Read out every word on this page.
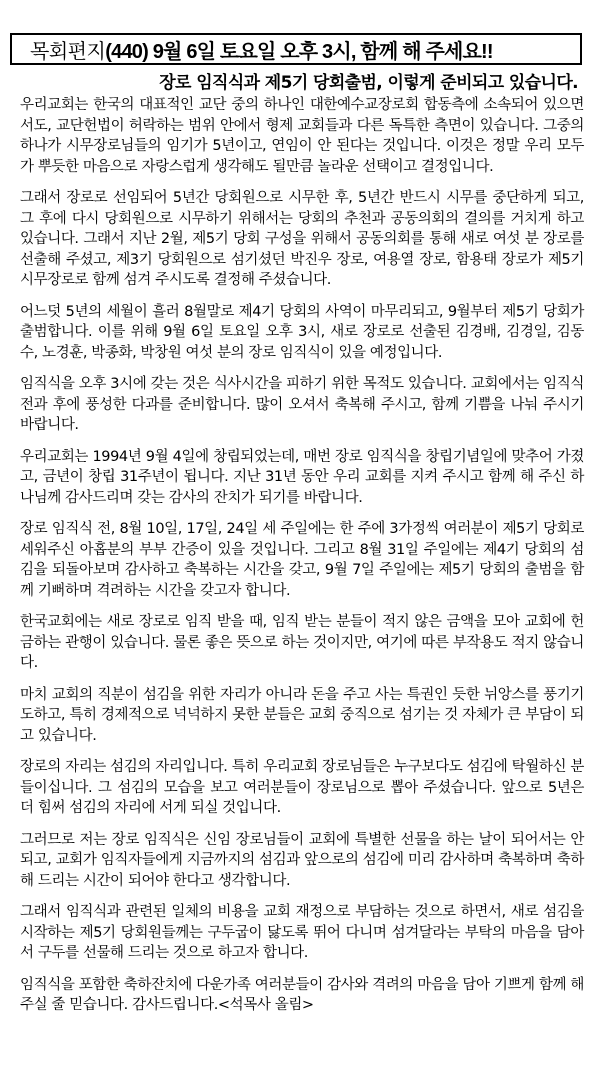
목회편지 (440) 9월 6일 토요일 오후 3시, 함께 해 주세요!!
장로 임직식과 제5기 당회출범, 이렇게 준비되고 있습니다.

우리교회는 한국의 대표적인 교단 중의 하나인 대한예수교장로회 합동측에 소속되어 있으면서도, 교단헌법이 허락하는 범위 안에서 형제 교회들과 다른 독특한 측면이 있습니다. 그중의 하나가 시무장로님들의 임기가 5년이고, 연임이 안 된다는 것입니다. 이것은 정말 우리 모두가 뿌듯한 마음으로 자랑스럽게 생각해도 될만큼 놀라운 선택이고 결정입니다.

그래서 장로로 선임되어 5년간 당회원으로 시무한 후, 5년간 반드시 시무를 중단하게 되고, 그 후에 다시 당회원으로 시무하기 위해서는 당회의 추천과 공동의회의 결의를 거치게 하고 있습니다. 그래서 지난 2월, 제5기 당회 구성을 위해서 공동의회를 통해 새로 여섯 분 장로를 선출해 주셨고, 제3기 당회원으로 섬기셨던 박진우 장로, 여용열 장로, 함용태 장로가 제5기 시무장로로 함께 섬겨 주시도록 결정해 주셨습니다.

어느덧 5년의 세월이 흘러 8월말로 제4기 당회의 사역이 마무리되고, 9월부터 제5기 당회가 출범합니다. 이를 위해 9월 6일 토요일 오후 3시, 새로 장로로 선출된 김경배, 김경일, 김동수, 노경훈, 박종화, 박창원 여섯 분의 장로 임직식이 있을 예정입니다.

임직식을 오후 3시에 갖는 것은 식사시간을 피하기 위한 목적도 있습니다. 교회에서는 임직식 전과 후에 풍성한 다과를 준비합니다. 많이 오셔서 축복해 주시고, 함께 기쁨을 나눠 주시기 바랍니다.

우리교회는 1994년 9월 4일에 창립되었는데, 매번 장로 임직식을 창립기념일에 맞추어 가졌고, 금년이 창립 31주년이 됩니다. 지난 31년 동안 우리 교회를 지켜 주시고 함께 해 주신 하나님께 감사드리며 갖는 감사의 잔치가 되기를 바랍니다.

장로 임직식 전, 8월 10일, 17일, 24일 세 주일에는 한 주에 3가정씩 여러분이 제5기 당회로 세워주신 아홉분의 부부 간증이 있을 것입니다. 그리고 8월 31일 주일에는 제4기 당회의 섬김을 되돌아보며 감사하고 축복하는 시간을 갖고, 9월 7일 주일에는 제5기 당회의 출범을 함께 기뻐하며 격려하는 시간을 갖고자 합니다.

한국교회에는 새로 장로로 임직 받을 때, 임직 받는 분들이 적지 않은 금액을 모아 교회에 헌금하는 관행이 있습니다. 물론 좋은 뜻으로 하는 것이지만, 여기에 따른 부작용도 적지 않습니다.

마치 교회의 직분이 섬김을 위한 자리가 아니라 돈을 주고 사는 특권인 듯한 뉘앙스를 풍기기도하고, 특히 경제적으로 넉넉하지 못한 분들은 교회 중직으로 섬기는 것 자체가 큰 부담이 되고 있습니다.

장로의 자리는 섬김의 자리입니다. 특히 우리교회 장로님들은 누구보다도 섬김에 탁월하신 분들이십니다. 그 섬김의 모습을 보고 여러분들이 장로님으로 뽑아 주셨습니다. 앞으로 5년은 더 힘써 섬김의 자리에 서게 되실 것입니다.

그러므로 저는 장로 임직식은 신임 장로님들이 교회에 특별한 선물을 하는 날이 되어서는 안 되고, 교회가 임직자들에게 지금까지의 섬김과 앞으로의 섬김에 미리 감사하며 축복하며 축하해 드리는 시간이 되어야 한다고 생각합니다.

그래서 임직식과 관련된 일체의 비용을 교회 재정으로 부담하는 것으로 하면서, 새로 섬김을 시작하는 제5기 당회원들께는 구두굽이 닳도록 뛰어 다니며 섬겨달라는 부탁의 마음을 담아서 구두를 선물해 드리는 것으로 하고자 합니다.

임직식을 포함한 축하잔치에 다운가족 여러분들이 감사와 격려의 마음을 담아 기쁘게 함께 해주실 줄 믿습니다. 감사드립니다.<석목사 올림>
